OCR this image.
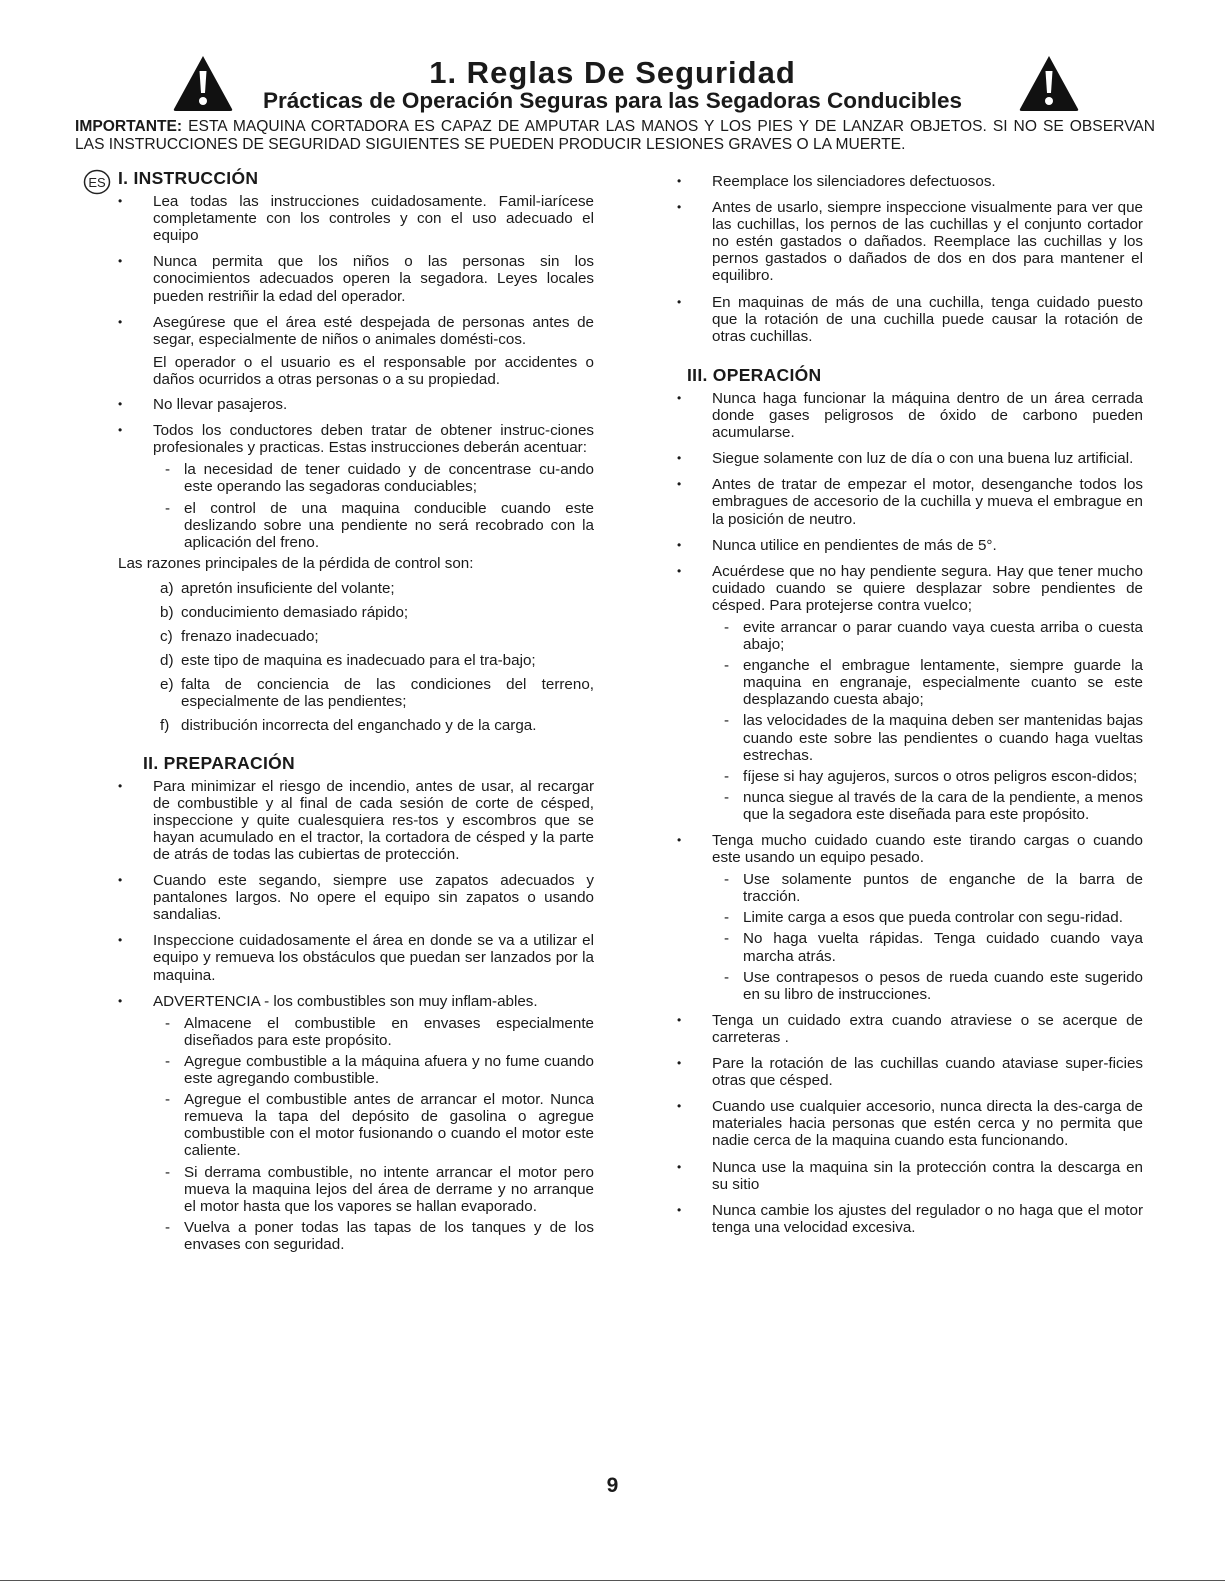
1. Reglas De Seguridad
Prácticas de Operación Seguras para las Segadoras Conducibles
IMPORTANTE: ESTA MAQUINA CORTADORA ES CAPAZ DE AMPUTAR LAS MANOS Y LOS PIES Y DE LANZAR OBJETOS. SI NO SE OBSERVAN LAS INSTRUCCIONES DE SEGURIDAD SIGUIENTES SE PUEDEN PRODUCIR LESIONES GRAVES O LA MUERTE.
ES I. INSTRUCCIÓN
• Lea todas las instrucciones cuidadosamente. Famil-iarícese completamente con los controles y con el uso adecuado el equipo
• Nunca permita que los niños o las personas sin los conocimientos adecuados operen la segadora. Leyes locales pueden restriñir la edad del operador.
• Asegúrese que el área esté despejada de personas antes de segar, especialmente de niños o animales domésti-cos.
El operador o el usuario es el responsable por accidentes o daños ocurridos a otras personas o a su propiedad.
• No llevar pasajeros.
• Todos los conductores deben tratar de obtener instruc-ciones profesionales y practicas. Estas instrucciones deberán acentuar:
- la necesidad de tener cuidado y de concentrase cu-ando este operando las segadoras conduciables;
- el control de una maquina conducible cuando este deslizando sobre una pendiente no será recobrado con la aplicación del freno.
Las razones principales de la pérdida de control son:
a) apretón insuficiente del volante;
b) conducimiento demasiado rápido;
c) frenazo inadecuado;
d) este tipo de maquina es inadecuado para el tra-bajo;
e) falta de conciencia de las condiciones del terreno, especialmente de las pendientes;
f) distribución incorrecta del enganchado y de la carga.
II. PREPARACIÓN
• Para minimizar el riesgo de incendio, antes de usar, al recargar de combustible y al final de cada sesión de corte de césped, inspeccione y quite cualesquiera res-tos y escombros que se hayan acumulado en el tractor, la cortadora de césped y la parte de atrás de todas las cubiertas de protección.
• Cuando este segando, siempre use zapatos adecuados y pantalones largos. No opere el equipo sin zapatos o usando sandalias.
• Inspeccione cuidadosamente el área en donde se va a utilizar el equipo y remueva los obstáculos que puedan ser lanzados por la maquina.
• ADVERTENCIA - los combustibles son muy inflam-ables.
- Almacene el combustible en envases especialmente diseñados para este propósito.
- Agregue combustible a la máquina afuera y no fume cuando este agregando combustible.
- Agregue el combustible antes de arrancar el motor. Nunca remueva la tapa del depósito de gasolina o agregue combustible con el motor fusionando o cuando el motor este caliente.
- Si derrama combustible, no intente arrancar el motor pero mueva la maquina lejos del área de derrame y no arranque el motor hasta que los vapores se hallan evaporado.
- Vuelva a poner todas las tapas de los tanques y de los envases con seguridad.
• Reemplace los silenciadores defectuosos.
• Antes de usarlo, siempre inspeccione visualmente para ver que las cuchillas, los pernos de las cuchillas y el conjunto cortador no estén gastados o dañados. Reemplace las cuchillas y los pernos gastados o dañados de dos en dos para mantener el equilibro.
• En maquinas de más de una cuchilla, tenga cuidado puesto que la rotación de una cuchilla puede causar la rotación de otras cuchillas.
III. OPERACIÓN
• Nunca haga funcionar la máquina dentro de un área cerrada donde gases peligrosos de óxido de carbono pueden acumularse.
• Siegue solamente con luz de día o con una buena luz artificial.
• Antes de tratar de empezar el motor, desenganche todos los embragues de accesorio de la cuchilla y mueva el embrague en la posición de neutro.
• Nunca utilice en pendientes de más de 5°.
• Acuérdese que no hay pendiente segura. Hay que tener mucho cuidado cuando se quiere desplazar sobre pendientes de césped. Para protejerse contra vuelco;
- evite arrancar o parar cuando vaya cuesta arriba o cuesta abajo;
- enganche el embrague lentamente, siempre guarde la maquina en engranaje, especialmente cuanto se este desplazando cuesta abajo;
- las velocidades de la maquina deben ser mantenidas bajas cuando este sobre las pendientes o cuando haga vueltas estrechas.
- fíjese si hay agujeros, surcos o otros peligros escon-didos;
- nunca siegue al través de la cara de la pendiente, a menos que la segadora este diseñada para este propósito.
• Tenga mucho cuidado cuando este tirando cargas o cuando este usando un equipo pesado.
- Use solamente puntos de enganche de la barra de tracción.
- Limite carga a esos que pueda controlar con segu-ridad.
- No haga vuelta rápidas. Tenga cuidado cuando vaya marcha atrás.
- Use contrapesos o pesos de rueda cuando este sugerido en su libro de instrucciones.
• Tenga un cuidado extra cuando atraviese o se acerque de carreteras .
• Pare la rotación de las cuchillas cuando ataviase super-ficies otras que césped.
• Cuando use cualquier accesorio, nunca directa la des-carga de materiales hacia personas que estén cerca y no permita que nadie cerca de la maquina cuando esta funcionando.
• Nunca use la maquina sin la protección contra la descarga en su sitio
• Nunca cambie los ajustes del regulador o no haga que el motor tenga una velocidad excesiva.
9
